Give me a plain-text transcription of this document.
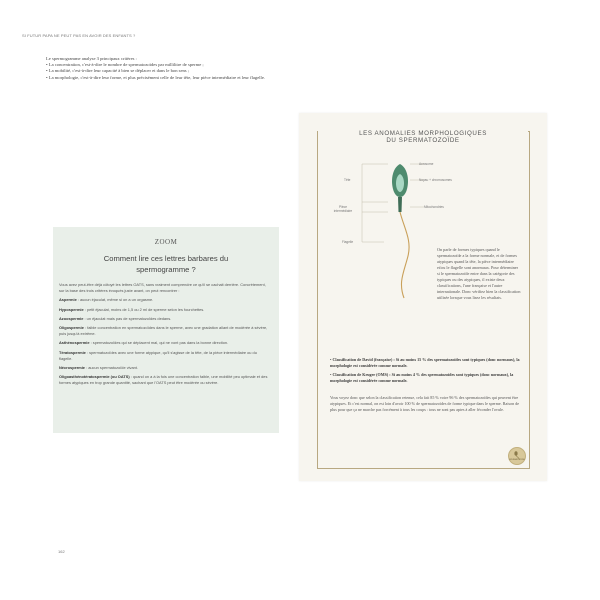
SI FUTUR PAPA NE PEUT PAS EN AVOIR DES ENFANTS ?

Le spermogramme analyse 3 principaux critères :

• La concentration, c'est-à-dire le nombre de spermatozoïdes par millilitre de sperme ;

• La mobilité, c'est-à-dire leur capacité à bien se déplacer et dans le bon sens ;

• La morphologie, c'est-à-dire leur forme, et plus précisément celle de leur tête, leur pièce intermédiaire et leur flagelle.

ZOOM
Comment lire ces lettres barbares du spermogramme ?

Vous avez peut-être déjà côtoyé les lettres OATS, sans vraiment comprendre ce qu'il se cachait derrière. Concrètement, sur la base des trois critères évoqués juste avant, on peut rencontrer :

Aspermie : aucun éjaculat, même si on a un orgasme.

Hypospermie : petit éjaculat, moins de 1,5 ou 2 ml de sperme selon les fourchettes.

Azoospermie : un éjaculat mais pas de spermatozoïdes dedans.

Oligospermie : faible concentration en spermatozoïdes dans le sperme, avec une gradation allant de modérée à sévère, puis jusqu'à extrême.

Asthénospermie : spermatozoïdes qui se déplacent mal, qui ne vont pas dans la bonne direction.

Tératospermie : spermatozoïdes avec une forme atypique, qu'il s'agisse de la tête, de la pièce intermédiaire ou du flagelle.

Nécrospermie : aucun spermatozoïde vivant.

Oligoasthénotératospermie (ou OATS) : quand on a à la fois une concentration faible, une mobilité peu optimale et des formes atypiques en trop grande quantité, sachant que l'OATS peut être modérée ou sévère.

162
LES ANOMALIES MORPHOLOGIQUES
DU SPERMATOZOÏDE
Acrosome
Tête	Noyau + chromosomes
Pièce intermédiaire
Mitochondries
Flagelle
On parle de formes typiques quand le spermatozoïde a la forme normale, et de formes atypiques quand la tête, la pièce intermédiaire et/ou le flagelle sont anormaux. Pour déterminer si le spermatozoïde entre dans la catégorie des typiques ou des atypiques, il existe deux classifications, l'une française et l'autre internationale. Donc vérifiez bien la classification utilisée lorsque vous lisez les résultats.

• Classification de David (française) : Si au moins 15 % des spermatozoïdes sont typiques (donc normaux), la morphologie est considérée comme normale.

• Classification de Kruger (OMS) : Si au moins 4 % des spermatozoïdes sont typiques (donc normaux), la morphologie est considérée comme normale.

Vous voyez donc que selon la classification retenue, cela fait 85 % voire 96 % des spermatozoïdes qui peuvent être atypiques. Et c'est normal, on est loin d'avoir 100 % de spermatozoïdes de forme typique dans le sperme. Raison de plus pour que ça ne marche pas forcément à tous les coups : tous ne sont pas aptes à aller féconder l'ovule.
SPERMATOZOÏDE
